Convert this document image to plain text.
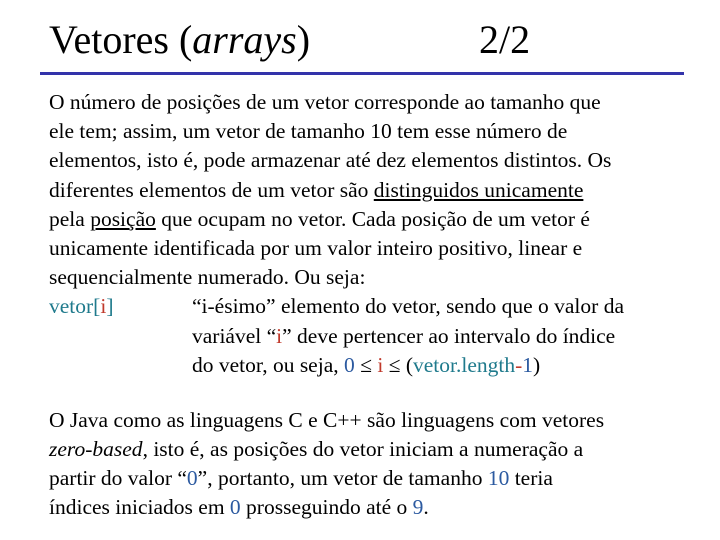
Vetores (arrays)	2/2
O número de posições de um vetor corresponde ao tamanho que
ele tem; assim, um vetor de tamanho 10 tem esse número de
elementos, isto é, pode armazenar até dez elementos distintos. Os
diferentes elementos de um vetor são distinguidos unicamente
pela posição que ocupam no vetor. Cada posição de um vetor é
unicamente identificada por um valor inteiro positivo, linear e
sequencialmente numerado. Ou seja:
vetor[i]	“i-ésimo” elemento do vetor, sendo que o valor da
variável “i” deve pertencer ao intervalo do índice
do vetor, ou seja, 0 ≤ i ≤ (vetor.length-1)
O Java como as linguagens C e C++ são linguagens com vetores
zero-based, isto é, as posições do vetor iniciam a numeração a
partir do valor “0”, portanto, um vetor de tamanho 10 teria
índices iniciados em 0 prosseguindo até o 9.
